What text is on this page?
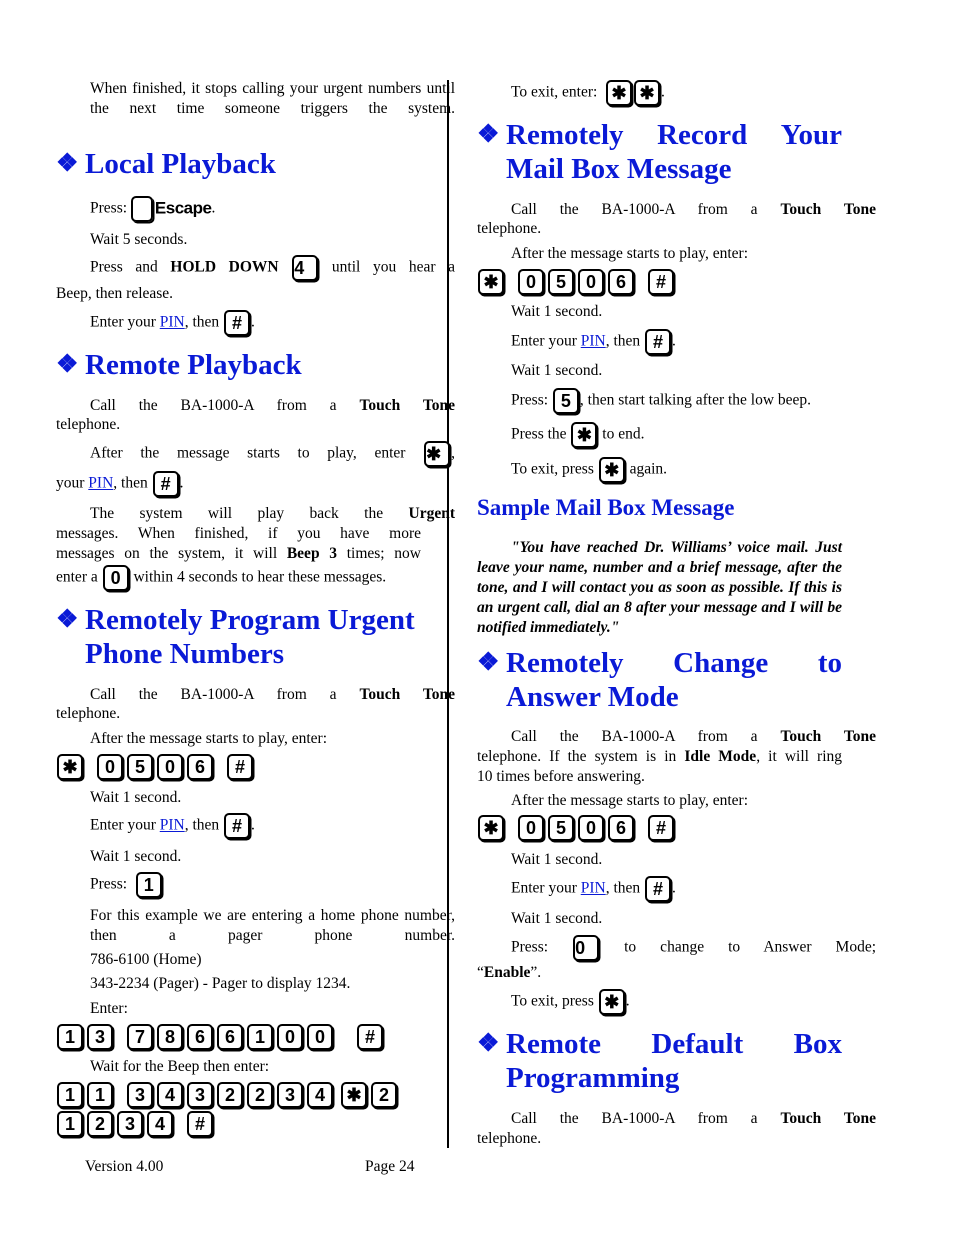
When finished, it stops calling your urgent numbers until the next time someone triggers the system.
❖ Local Playback
Press: Escape.
Wait 5 seconds.
Press and HOLD DOWN 4 until you hear a
Beep, then release.
Enter your PIN, then # .
❖ Remote Playback
Call the BA-1000-A from a Touch Tone
telephone.
After the message starts to play, enter ✱ ,
your PIN, then # .
The system will play back the Urgent
messages. When finished, if you have more
messages on the system, it will Beep 3 times; now
enter a 0 within 4 seconds to hear these messages.
❖ Remotely Program Urgent
Phone Numbers
Call the BA-1000-A from a Touch Tone
telephone.
After the message starts to play, enter:
✱ 0 5 0 6 #
Wait 1 second.
Enter your PIN, then # .
Wait 1 second.
Press: 1
For this example we are entering a home phone number, then a pager phone number.
786-6100 (Home)
343-2234 (Pager) - Pager to display 1234.
Enter:
1 3 7 8 6 6 1 0 0 #
Wait for the Beep then enter:
1 1 3 4 3 2 2 3 4 ✱ 2
1 2 3 4 #
To exit, enter: ✱ ✱ .
❖ Remotely Record Your
Mail Box Message
Call the BA-1000-A from a Touch Tone
telephone.
After the message starts to play, enter:
✱ 0 5 0 6 #
Wait 1 second.
Enter your PIN, then # .
Wait 1 second.
Press: 5 , then start talking after the low beep.
Press the ✱ to end.
To exit, press ✱ again.
Sample Mail Box Message
"You have reached Dr. Williams’ voice mail. Just leave your name, number and a brief message, after the tone, and I will contact you as soon as possible. If this is an urgent call, dial an 8 after your message and I will be notified immediately."
❖ Remotely Change to
Answer Mode
Call the BA-1000-A from a Touch Tone
telephone. If the system is in Idle Mode, it will ring
10 times before answering.
After the message starts to play, enter:
✱ 0 5 0 6 #
Wait 1 second.
Enter your PIN, then # .
Wait 1 second.
Press: 0	to change to Answer Mode;
“Enable”.
To exit, press ✱ .
❖ Remote Default Box
Programming
Call the BA-1000-A from a Touch Tone
telephone.
Version 4.00	Page 24
